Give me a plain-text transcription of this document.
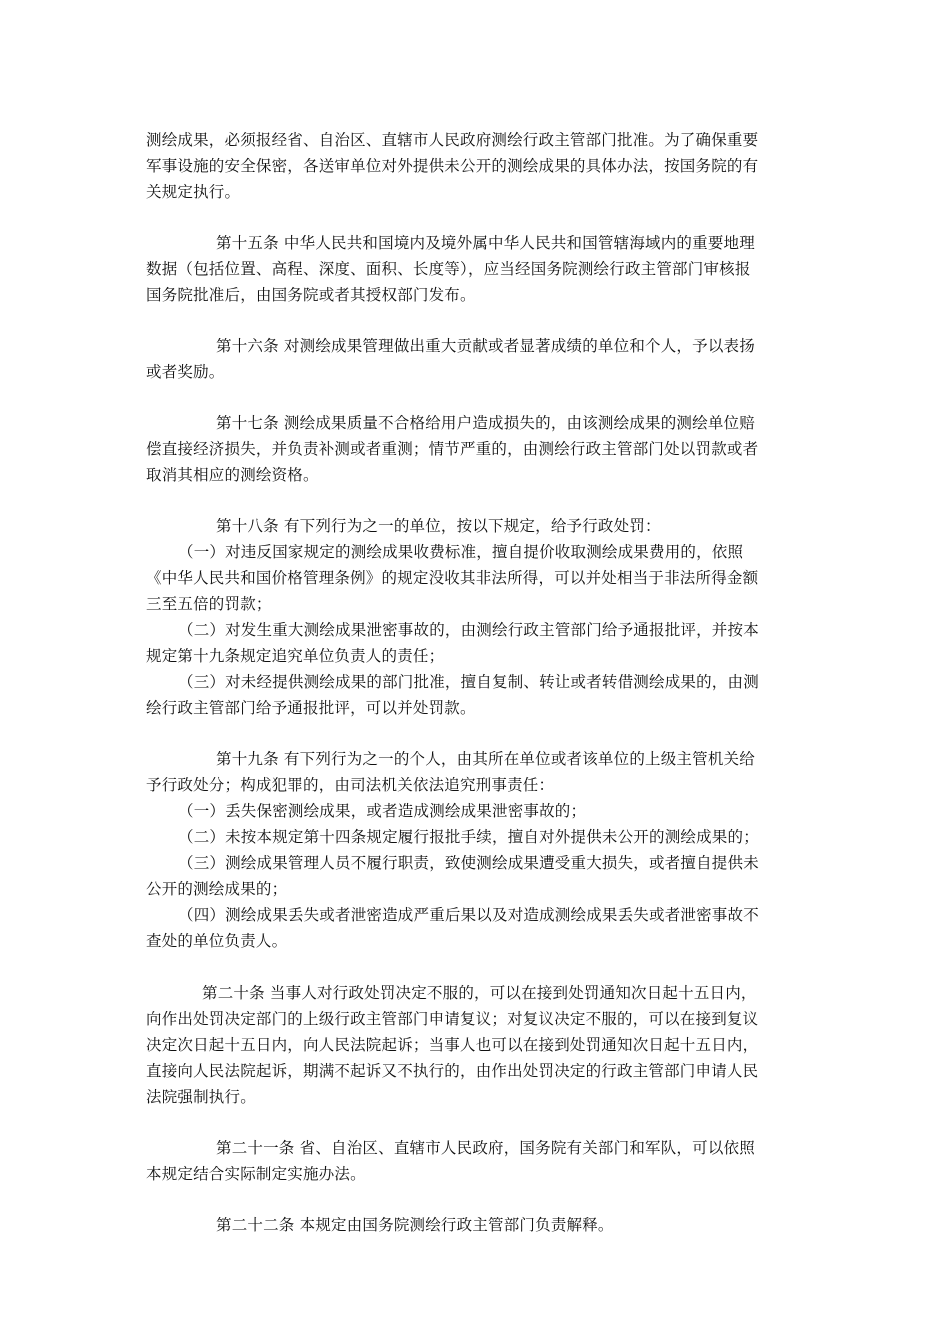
测绘成果，必须报经省、自治区、直辖市人民政府测绘行政主管部门批准。为了确保重要
军事设施的安全保密，各送审单位对外提供未公开的测绘成果的具体办法，按国务院的有
关规定执行。
第十五条 中华人民共和国境内及境外属中华人民共和国管辖海域内的重要地理
数据（包括位置、高程、深度、面积、长度等），应当经国务院测绘行政主管部门审核报
国务院批准后，由国务院或者其授权部门发布。
第十六条 对测绘成果管理做出重大贡献或者显著成绩的单位和个人，予以表扬
或者奖励。
第十七条 测绘成果质量不合格给用户造成损失的，由该测绘成果的测绘单位赔
偿直接经济损失，并负责补测或者重测；情节严重的，由测绘行政主管部门处以罚款或者
取消其相应的测绘资格。
第十八条 有下列行为之一的单位，按以下规定，给予行政处罚：
（一）对违反国家规定的测绘成果收费标准，擅自提价收取测绘成果费用的，依照
《中华人民共和国价格管理条例》的规定没收其非法所得，可以并处相当于非法所得金额
三至五倍的罚款；
（二）对发生重大测绘成果泄密事故的，由测绘行政主管部门给予通报批评，并按本
规定第十九条规定追究单位负责人的责任；
（三）对未经提供测绘成果的部门批准，擅自复制、转让或者转借测绘成果的，由测
绘行政主管部门给予通报批评，可以并处罚款。
第十九条 有下列行为之一的个人，由其所在单位或者该单位的上级主管机关给
予行政处分；构成犯罪的，由司法机关依法追究刑事责任：
（一）丢失保密测绘成果，或者造成测绘成果泄密事故的；
（二）未按本规定第十四条规定履行报批手续，擅自对外提供未公开的测绘成果的；
（三）测绘成果管理人员不履行职责，致使测绘成果遭受重大损失，或者擅自提供未
公开的测绘成果的；
（四）测绘成果丢失或者泄密造成严重后果以及对造成测绘成果丢失或者泄密事故不
查处的单位负责人。
第二十条 当事人对行政处罚决定不服的，可以在接到处罚通知次日起十五日内，
向作出处罚决定部门的上级行政主管部门申请复议；对复议决定不服的，可以在接到复议
决定次日起十五日内，向人民法院起诉；当事人也可以在接到处罚通知次日起十五日内，
直接向人民法院起诉，期满不起诉又不执行的，由作出处罚决定的行政主管部门申请人民
法院强制执行。
第二十一条 省、自治区、直辖市人民政府，国务院有关部门和军队，可以依照
本规定结合实际制定实施办法。
第二十二条 本规定由国务院测绘行政主管部门负责解释。
